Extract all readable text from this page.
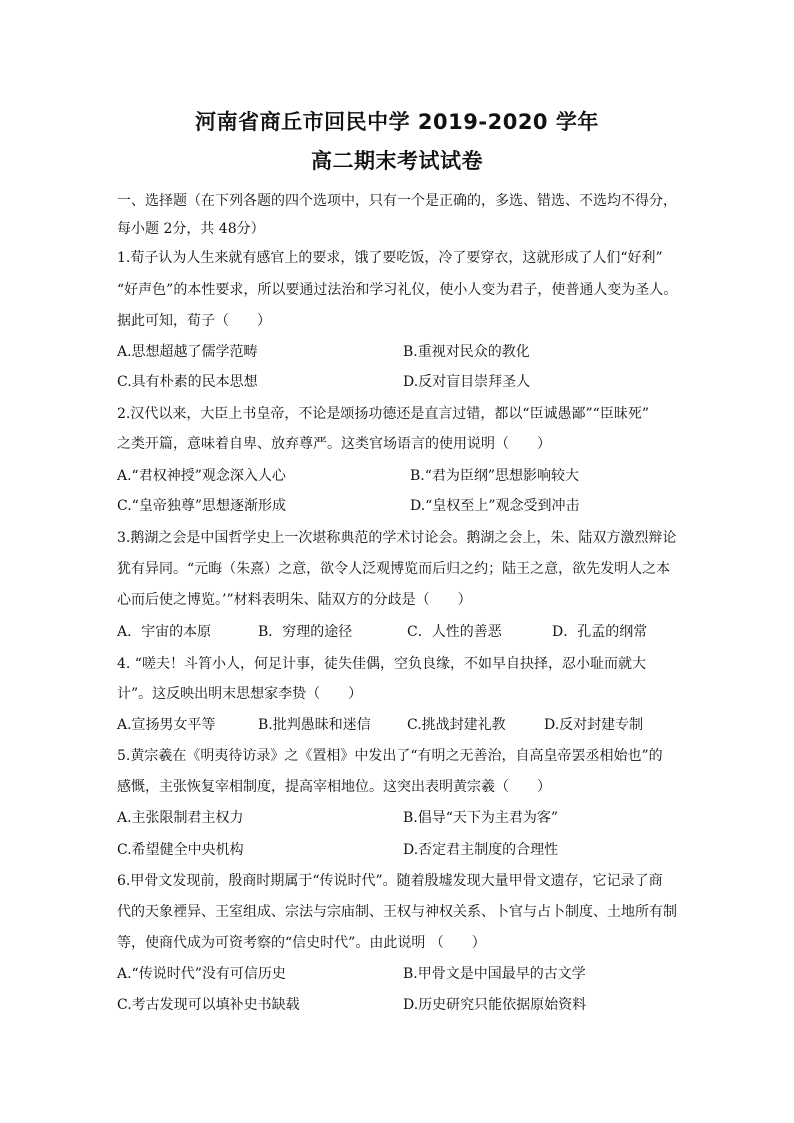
河南省商丘市回民中学 2019-2020 学年
高二期末考试试卷
一、选择题（在下列各题的四个选项中，只有一个是正确的，多选、错选、不选均不得分，
每小题 2分，共 48分）
1.荀子认为人生来就有感官上的要求，饿了要吃饭，冷了要穿衣，这就形成了人们“好利”
“好声色”的本性要求，所以要通过法治和学习礼仪，使小人变为君子，使普通人变为圣人。
据此可知，荀子（　　）
A.思想超越了儒学范畴	B.重视对民众的教化
C.具有朴素的民本思想	D.反对盲目崇拜圣人
2.汉代以来，大臣上书皇帝，不论是颂扬功德还是直言过错，都以“臣诚愚鄙”“臣昧死”
之类开篇，意味着自卑、放弃尊严。这类官场语言的使用说明（　　）
A.“君权神授”观念深入人心	B.“君为臣纲”思想影响较大
C.“皇帝独尊”思想逐渐形成	D.“皇权至上”观念受到冲击
3.鹅湖之会是中国哲学史上一次堪称典范的学术讨论会。鹅湖之会上，朱、陆双方激烈辩论
犹有异同。“元晦（朱熹）之意，欲令人泛观博览而后归之约；陆王之意，欲先发明人之本
心而后使之博览。’”材料表明朱、陆双方的分歧是（　　）
A．宇宙的本原	B．穷理的途径	C．人性的善恶	D．孔孟的纲常
4. “嗟夫！斗筲小人，何足计事，徒失佳偶，空负良缘，不如早自抉择，忍小耻而就大
计”。这反映出明末思想家李贽（　　）
A.宣扬男女平等	B.批判愚昧和迷信	C.挑战封建礼教	D.反对封建专制
5.黄宗羲在《明夷待访录》之《置相》中发出了“有明之无善治，自高皇帝罢丞相始也”的
感慨，主张恢复宰相制度，提高宰相地位。这突出表明黄宗羲（　　）
A.主张限制君主权力	B.倡导“天下为主君为客”
C.希望健全中央机构	D.否定君主制度的合理性
6.甲骨文发现前，殷商时期属于“传说时代”。随着殷墟发现大量甲骨文遗存，它记录了商
代的天象禋异、王室组成、宗法与宗庙制、王权与神权关系、卜官与占卜制度、土地所有制
等，使商代成为可资考察的“信史时代”。由此说明 （　　）
A.“传说时代”没有可信历史	B.甲骨文是中国最早的古文学
C.考古发现可以填补史书缺载	D.历史研究只能依据原始资料
